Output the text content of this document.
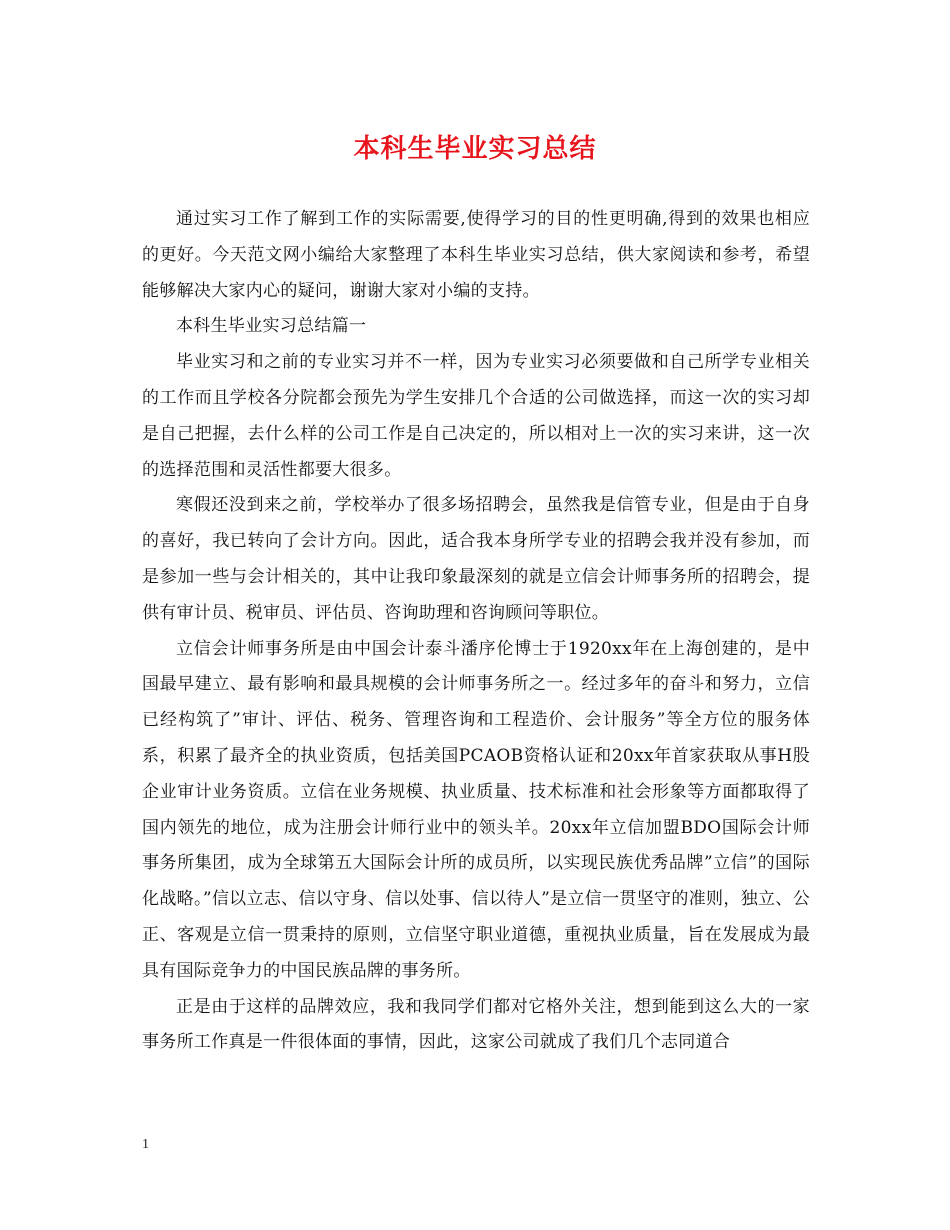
本科生毕业实习总结

通过实习工作了解到工作的实际需要,使得学习的目的性更明确,得到的效果也相应的更好。今天范文网小编给大家整理了本科生毕业实习总结，供大家阅读和参考，希望能够解决大家内心的疑问，谢谢大家对小编的支持。

本科生毕业实习总结篇一

毕业实习和之前的专业实习并不一样，因为专业实习必须要做和自己所学专业相关的工作而且学校各分院都会预先为学生安排几个合适的公司做选择，而这一次的实习却是自己把握，去什么样的公司工作是自己决定的，所以相对上一次的实习来讲，这一次的选择范围和灵活性都要大很多。

寒假还没到来之前，学校举办了很多场招聘会，虽然我是信管专业，但是由于自身的喜好，我已转向了会计方向。因此，适合我本身所学专业的招聘会我并没有参加，而是参加一些与会计相关的，其中让我印象最深刻的就是立信会计师事务所的招聘会，提供有审计员、税审员、评估员、咨询助理和咨询顾问等职位。

立信会计师事务所是由中国会计泰斗潘序伦博士于1920xx年在上海创建的，是中国最早建立、最有影响和最具规模的会计师事务所之一。经过多年的奋斗和努力，立信已经构筑了”审计、评估、税务、管理咨询和工程造价、会计服务”等全方位的服务体系，积累了最齐全的执业资质，包括美国PCAOB资格认证和20xx年首家获取从事H股企业审计业务资质。立信在业务规模、执业质量、技术标准和社会形象等方面都取得了国内领先的地位，成为注册会计师行业中的领头羊。20xx年立信加盟BDO国际会计师事务所集团，成为全球第五大国际会计所的成员所，以实现民族优秀品牌”立信”的国际化战略。”信以立志、信以守身、信以处事、信以待人”是立信一贯坚守的准则，独立、公正、客观是立信一贯秉持的原则，立信坚守职业道德，重视执业质量，旨在发展成为最具有国际竞争力的中国民族品牌的事务所。

正是由于这样的品牌效应，我和我同学们都对它格外关注，想到能到这么大的一家事务所工作真是一件很体面的事情，因此，这家公司就成了我们几个志同道合

1
